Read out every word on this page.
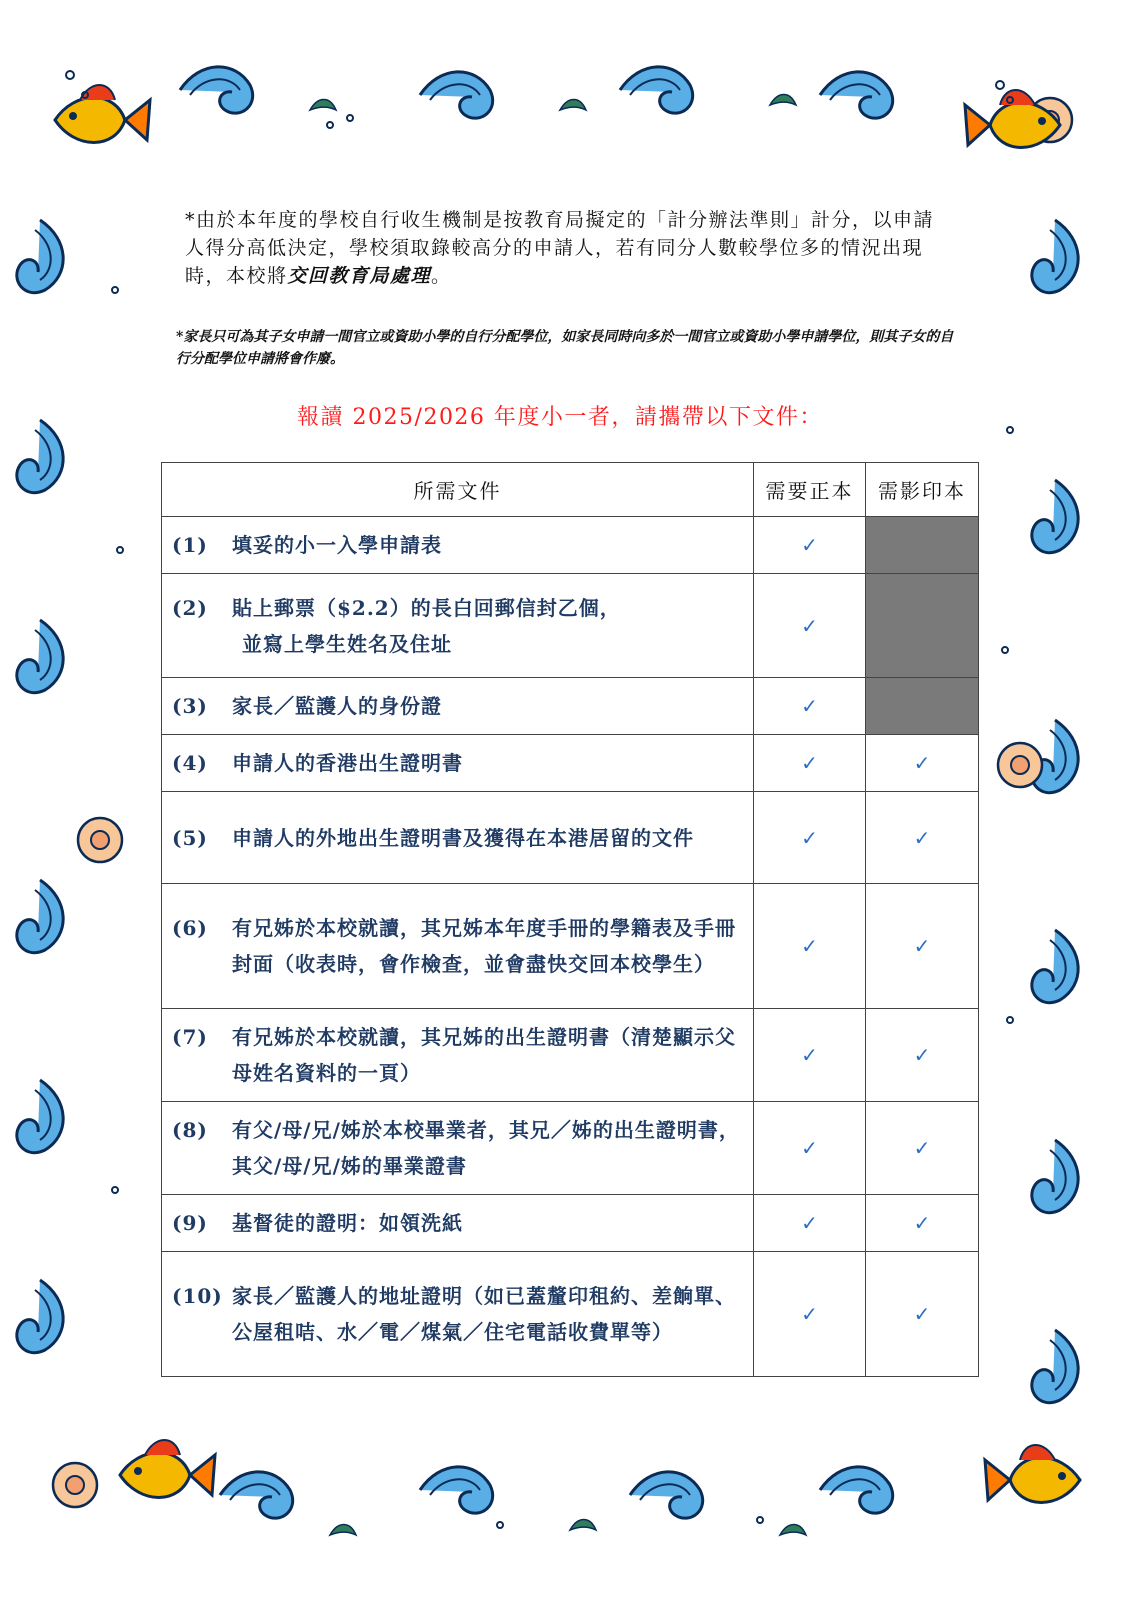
*由於本年度的學校自行收生機制是按教育局擬定的「計分辦法準則」計分，以申請人得分高低決定，學校須取錄較高分的申請人，若有同分人數較學位多的情況出現時，本校將交回教育局處理。
*家長只可為其子女申請一間官立或資助小學的自行分配學位，如家長同時向多於一間官立或資助小學申請學位，則其子女的自行分配學位申請將會作廢。
報讀 2025/2026 年度小一者，請攜帶以下文件：
所需文件	需要正本	需影印本

(1) 填妥的小一入學申請表	✓	

(2) 貼上郵票（$2.2）的長白回郵信封乙個，
並寫上學生姓名及住址	✓	

(3) 家長／監護人的身份證	✓	

(4) 申請人的香港出生證明書	✓	✓

(5) 申請人的外地出生證明書及獲得在本港居留的文件	✓	✓

(6) 有兄姊於本校就讀，其兄姊本年度手冊的學籍表及手冊封面（收表時，會作檢查，並會盡快交回本校學生）	✓	✓

(7) 有兄姊於本校就讀，其兄姊的出生證明書（清楚顯示父母姓名資料的一頁）	✓	✓

(8) 有父/母/兄/姊於本校畢業者，其兄／姊的出生證明書，其父/母/兄/姊的畢業證書	✓	✓

(9) 基督徒的證明：如領洗紙	✓	✓

(10) 家長／監護人的地址證明（如已蓋釐印租約、差餉單、公屋租咭、水／電／煤氣／住宅電話收費單等）	✓	✓
